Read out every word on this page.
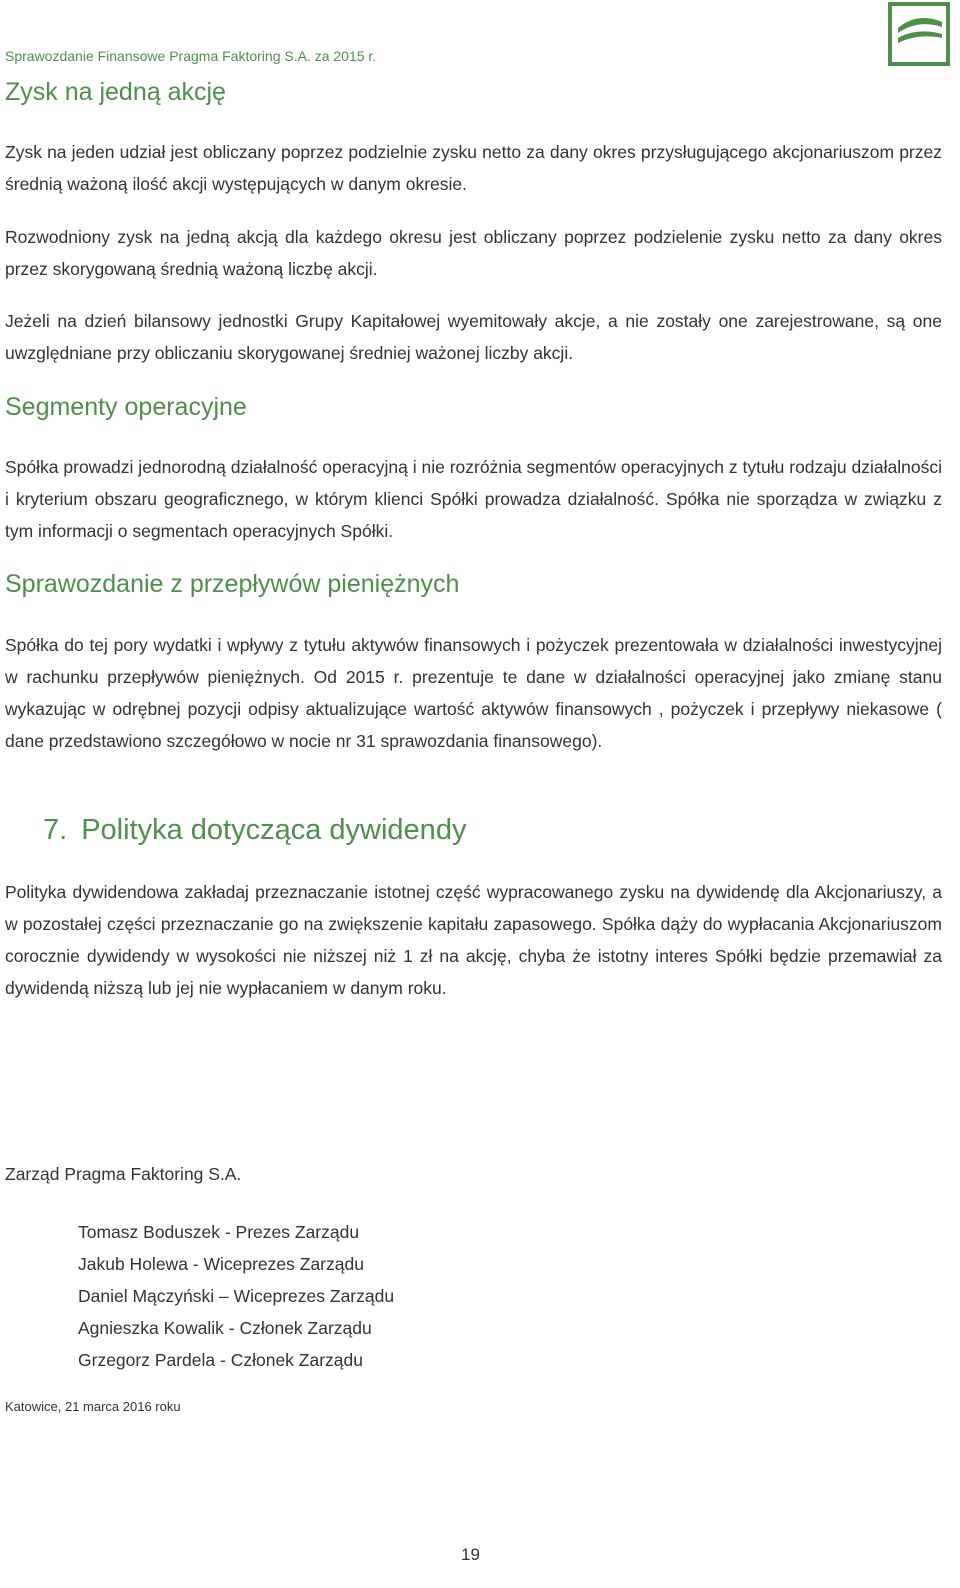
Sprawozdanie Finansowe Pragma Faktoring S.A. za 2015 r.
Zysk na jedną akcję

Zysk na jeden udział jest obliczany poprzez podzielnie zysku netto za dany okres przysługującego akcjonariuszom przez średnią ważoną ilość akcji występujących w danym okresie.

Rozwodniony zysk na jedną akcją dla każdego okresu jest obliczany poprzez podzielenie zysku netto za dany okres przez skorygowaną średnią ważoną liczbę akcji.

Jeżeli na dzień bilansowy jednostki Grupy Kapitałowej wyemitowały akcje, a nie zostały one zarejestrowane, są one uwzględniane przy obliczaniu skorygowanej średniej ważonej liczby akcji.

Segmenty operacyjne

Spółka prowadzi jednorodną działalność operacyjną i nie rozróżnia segmentów operacyjnych z tytułu rodzaju działalności i kryterium obszaru geograficznego, w którym klienci Spółki prowadza działalność. Spółka nie sporządza w związku z tym informacji o segmentach operacyjnych Spółki.

Sprawozdanie z przepływów pieniężnych

Spółka do tej pory wydatki i wpływy z tytułu aktywów finansowych i pożyczek prezentowała w działalności inwestycyjnej w rachunku przepływów pieniężnych. Od 2015 r. prezentuje te dane w działalności operacyjnej jako zmianę stanu wykazując w odrębnej pozycji odpisy aktualizujące wartość aktywów finansowych , pożyczek i przepływy niekasowe ( dane przedstawiono szczegółowo w nocie nr 31 sprawozdania finansowego).

7. Polityka dotycząca dywidendy

Polityka dywidendowa zakładaj przeznaczanie istotnej część wypracowanego zysku na dywidendę dla Akcjonariuszy, a w pozostałej części przeznaczanie go na zwiększenie kapitału zapasowego. Spółka dąży do wypłacania Akcjonariuszom corocznie dywidendy w wysokości nie niższej niż 1 zł na akcję, chyba że istotny interes Spółki będzie przemawiał za dywidendą niższą lub jej nie wypłacaniem w danym roku.

Zarząd Pragma Faktoring S.A.
Tomasz Boduszek - Prezes Zarządu
Jakub Holewa - Wiceprezes Zarządu
Daniel Mączyński – Wiceprezes Zarządu
Agnieszka Kowalik - Członek Zarządu
Grzegorz Pardela - Członek Zarządu
Katowice, 21 marca 2016 roku
19
